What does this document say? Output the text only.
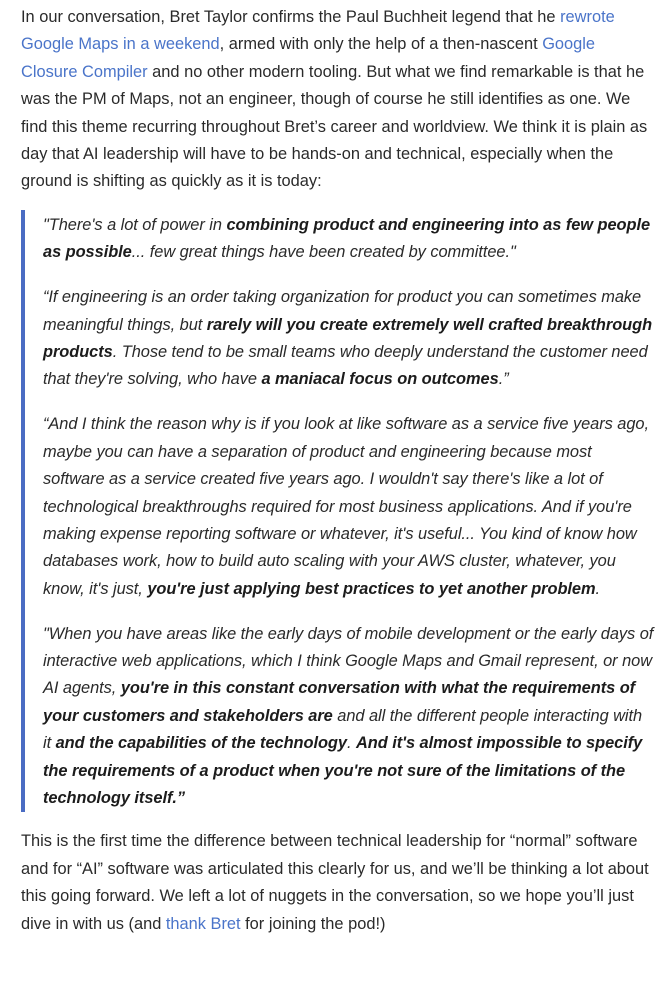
In our conversation, Bret Taylor confirms the Paul Buchheit legend that he rewrote Google Maps in a weekend, armed with only the help of a then-nascent Google Closure Compiler and no other modern tooling. But what we find remarkable is that he was the PM of Maps, not an engineer, though of course he still identifies as one. We find this theme recurring throughout Bret’s career and worldview. We think it is plain as day that AI leadership will have to be hands-on and technical, especially when the ground is shifting as quickly as it is today:

"There's a lot of power in combining product and engineering into as few people as possible... few great things have been created by committee."

“If engineering is an order taking organization for product you can sometimes make meaningful things, but rarely will you create extremely well crafted breakthrough products. Those tend to be small teams who deeply understand the customer need that they're solving, who have a maniacal focus on outcomes.”

“And I think the reason why is if you look at like software as a service five years ago, maybe you can have a separation of product and engineering because most software as a service created five years ago. I wouldn't say there's like a lot of technological breakthroughs required for most business applications. And if you're making expense reporting software or whatever, it's useful... You kind of know how databases work, how to build auto scaling with your AWS cluster, whatever, you know, it's just, you're just applying best practices to yet another problem.

"When you have areas like the early days of mobile development or the early days of interactive web applications, which I think Google Maps and Gmail represent, or now AI agents, you're in this constant conversation with what the requirements of your customers and stakeholders are and all the different people interacting with it and the capabilities of the technology. And it's almost impossible to specify the requirements of a product when you're not sure of the limitations of the technology itself.”

This is the first time the difference between technical leadership for “normal” software and for “AI” software was articulated this clearly for us, and we’ll be thinking a lot about this going forward. We left a lot of nuggets in the conversation, so we hope you’ll just dive in with us (and thank Bret for joining the pod!)
